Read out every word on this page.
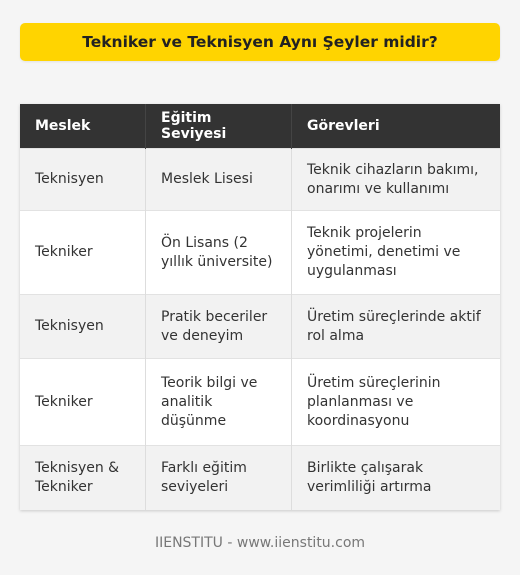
Tekniker ve Teknisyen Aynı Şeyler midir?
Meslek	Eğitim Seviyesi	Görevleri
Teknisyen	Meslek Lisesi	Teknik cihazların bakımı, onarımı ve kullanımı
Tekniker	Ön Lisans (2 yıllık üniversite)	Teknik projelerin yönetimi, denetimi ve uygulanması
Teknisyen	Pratik beceriler ve deneyim	Üretim süreçlerinde aktif rol alma
Tekniker	Teorik bilgi ve analitik düşünme	Üretim süreçlerinin planlanması ve koordinasyonu
Teknisyen & Tekniker	Farklı eğitim seviyeleri	Birlikte çalışarak verimliliği artırma
IIENSTITU - www.iienstitu.com
